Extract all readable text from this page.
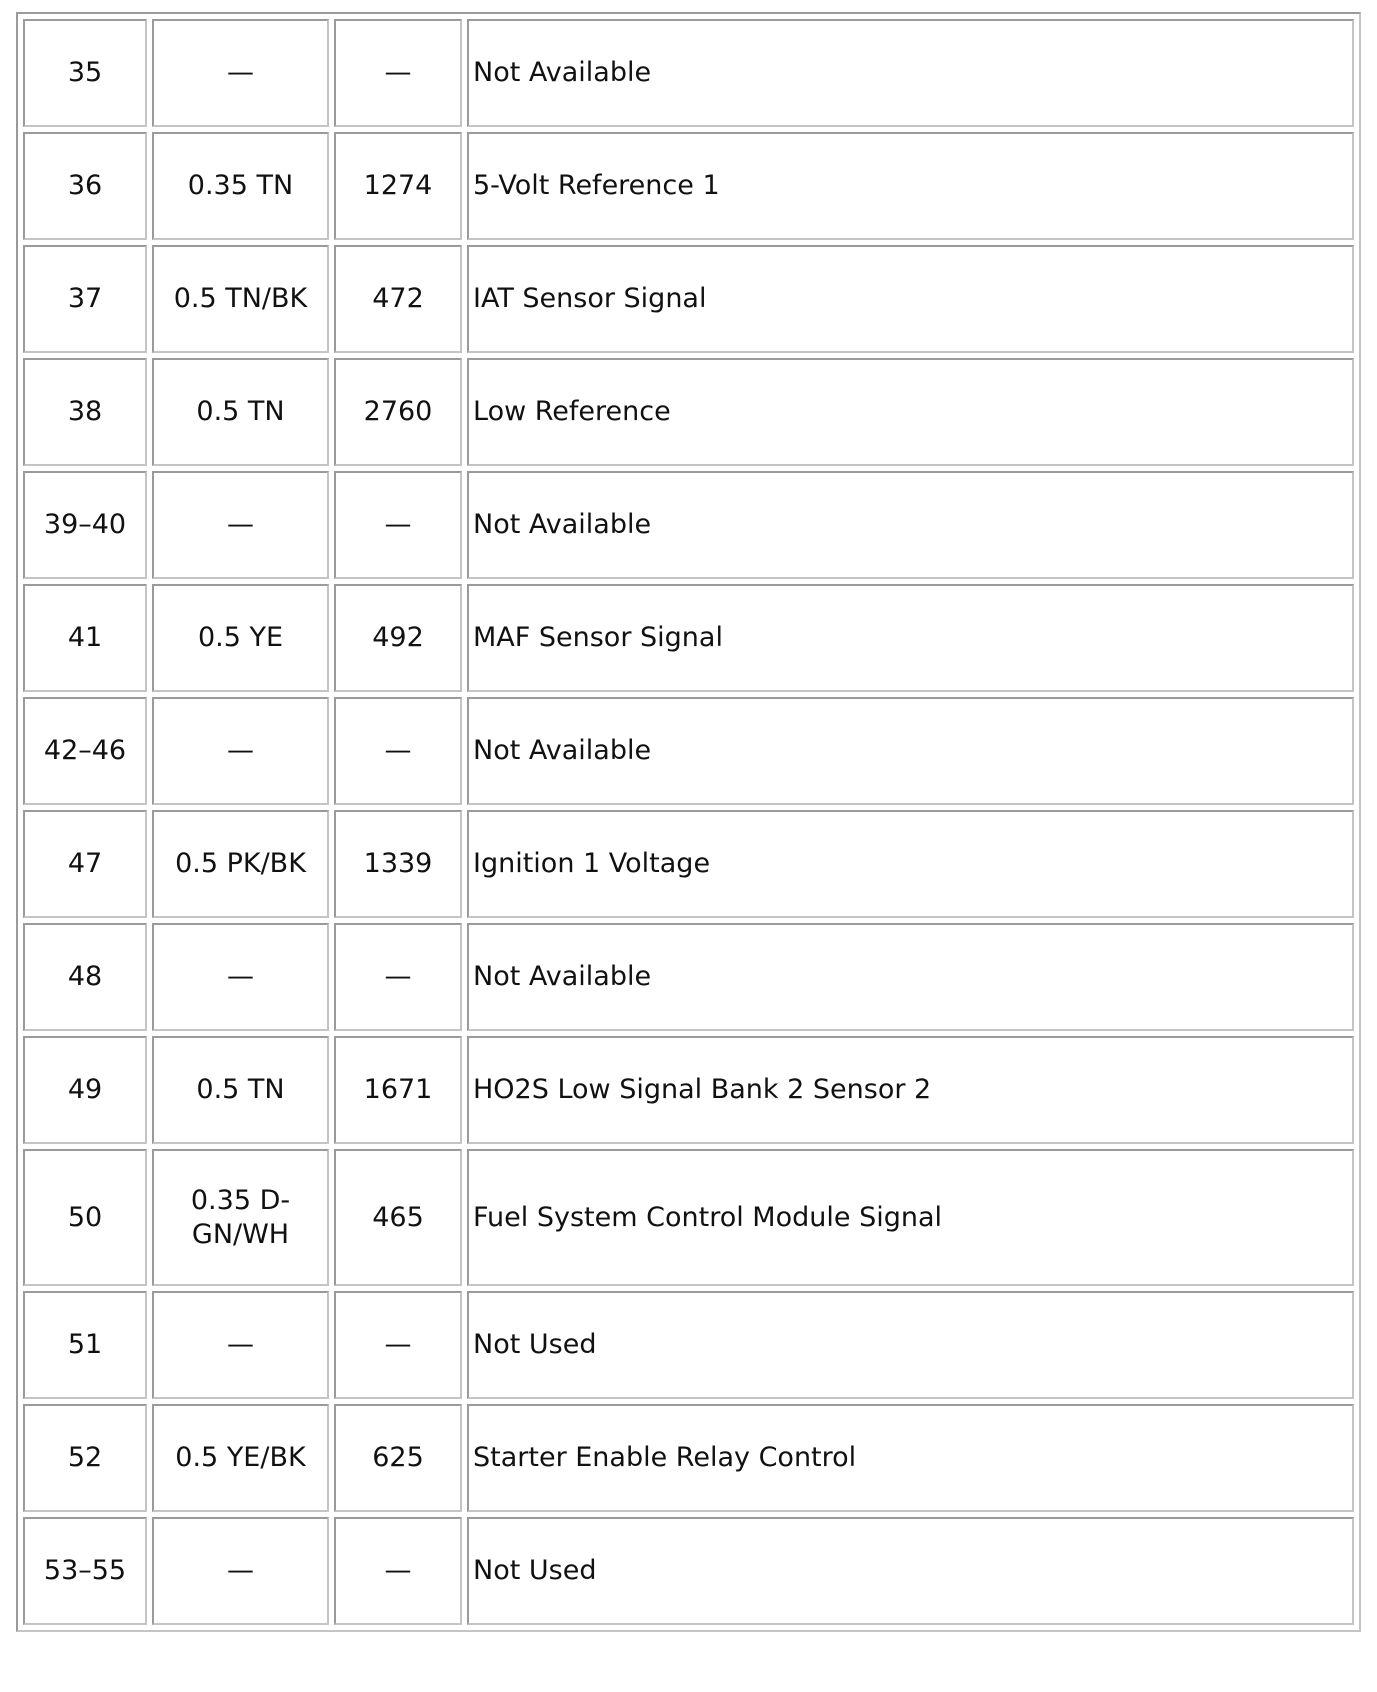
35	—	—	Not Available
36	0.35 TN	1274	5-Volt Reference 1
37	0.5 TN/BK	472	IAT Sensor Signal
38	0.5 TN	2760	Low Reference
39–40	—	—	Not Available
41	0.5 YE	492	MAF Sensor Signal
42–46	—	—	Not Available
47	0.5 PK/BK	1339	Ignition 1 Voltage
48	—	—	Not Available
49	0.5 TN	1671	HO2S Low Signal Bank 2 Sensor 2
50	0.35 D-GN/WH	465	Fuel System Control Module Signal
51	—	—	Not Used
52	0.5 YE/BK	625	Starter Enable Relay Control
53–55	—	—	Not Used
